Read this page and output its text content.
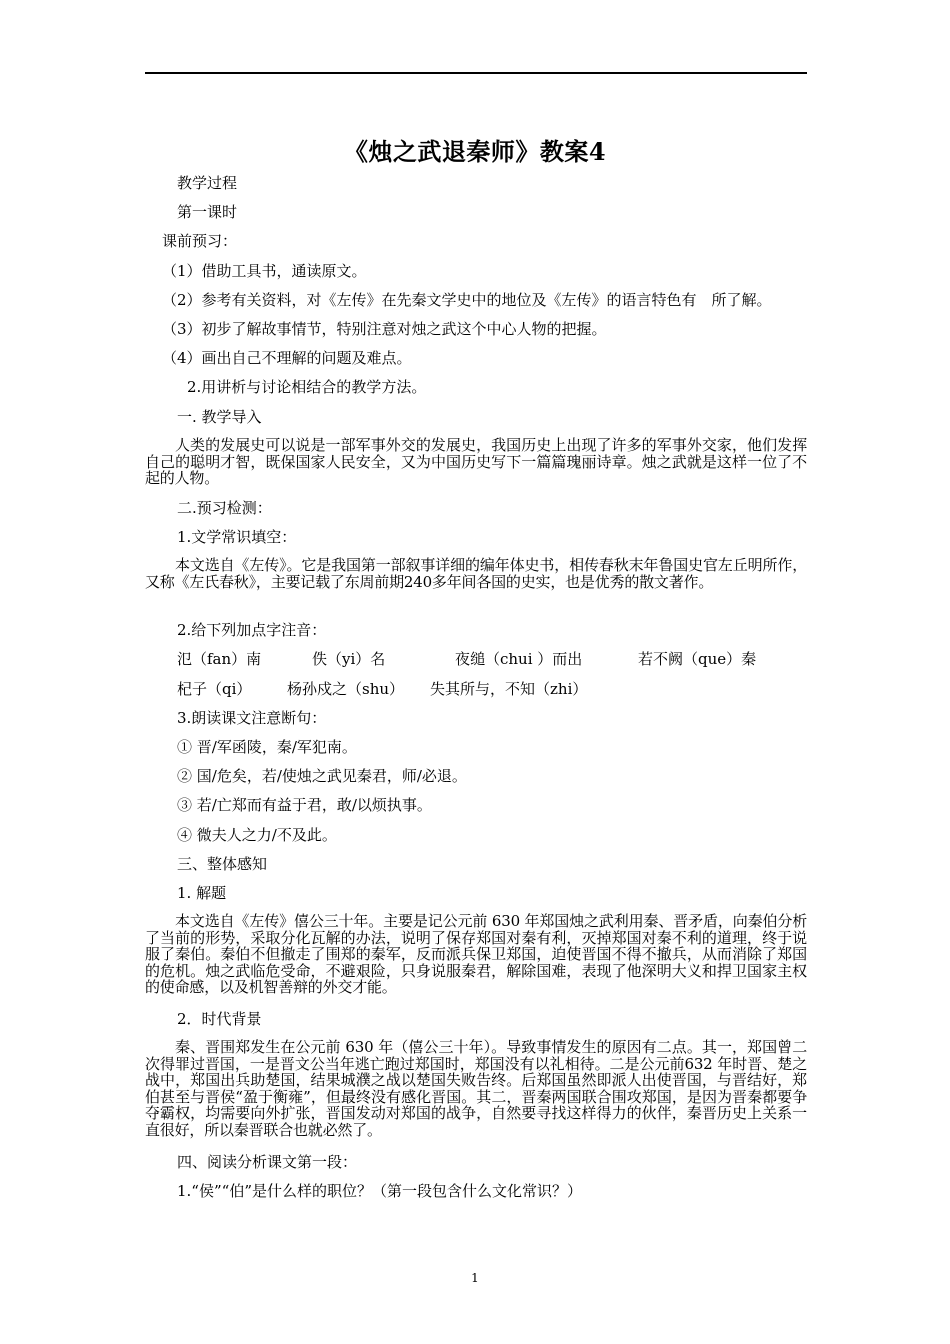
《烛之武退秦师》教案4
教学过程
第一课时
课前预习：
（1）借助工具书，通读原文。
（2）参考有关资料，对《左传》在先秦文学史中的地位及《左传》的语言特色有　所了解。
（3）初步了解故事情节，特别注意对烛之武这个中心人物的把握。
（4）画出自己不理解的问题及难点。
2.用讲析与讨论相结合的教学方法。
一. 教学导入
人类的发展史可以说是一部军事外交的发展史，我国历史上出现了许多的军事外交家，他们发挥自己的聪明才智，既保国家人民安全，又为中国历史写下一篇篇瑰丽诗章。烛之武就是这样一位了不起的人物。
二.预习检测：
1.文学常识填空：
本文选自《左传》。它是我国第一部叙事详细的编年体史书，相传春秋末年鲁国史官左丘明所作，又称《左氏春秋》，主要记载了东周前期240多年间各国的史实，也是优秀的散文著作。
2.给下列加点字注音：
氾（fan）南	佚（yi）名	夜缒（chui ）而出	若不阙（que）秦
杞子（qi） 杨孙戍之（shu） 失其所与，不知（zhi）
3.朗读课文注意断句：
① 晋/军函陵，秦/军犯南。
② 国/危矣，若/使烛之武见秦君，师/必退。
③ 若/亡郑而有益于君，敢/以烦执事。
④ 微夫人之力/不及此。
三、整体感知
1. 解题
本文选自《左传》僖公三十年。主要是记公元前 630 年郑国烛之武利用秦、晋矛盾，向秦伯分析了当前的形势，采取分化瓦解的办法，说明了保存郑国对秦有利，灭掉郑国对秦不利的道理，终于说服了秦伯。秦伯不但撤走了围郑的秦军，反而派兵保卫郑国，迫使晋国不得不撤兵，从而消除了郑国的危机。烛之武临危受命，不避艰险，只身说服秦君，解除国难，表现了他深明大义和捍卫国家主权的使命感，以及机智善辩的外交才能。
2．时代背景
秦、晋围郑发生在公元前 630 年（僖公三十年）。导致事情发生的原因有二点。其一，郑国曾二次得罪过晋国，一是晋文公当年逃亡跑过郑国时，郑国没有以礼相待。二是公元前632 年时晋、楚之战中，郑国出兵助楚国，结果城濮之战以楚国失败告终。后郑国虽然即派人出使晋国，与晋结好，郑伯甚至与晋侯“盈于衡雍”，但最终没有感化晋国。其二，晋秦两国联合围攻郑国，是因为晋秦都要争夺霸权，均需要向外扩张，晋国发动对郑国的战争，自然要寻找这样得力的伙伴，秦晋历史上关系一直很好，所以秦晋联合也就必然了。
四、阅读分析课文第一段：
1.“侯”“伯”是什么样的职位？（第一段包含什么文化常识？）
1
